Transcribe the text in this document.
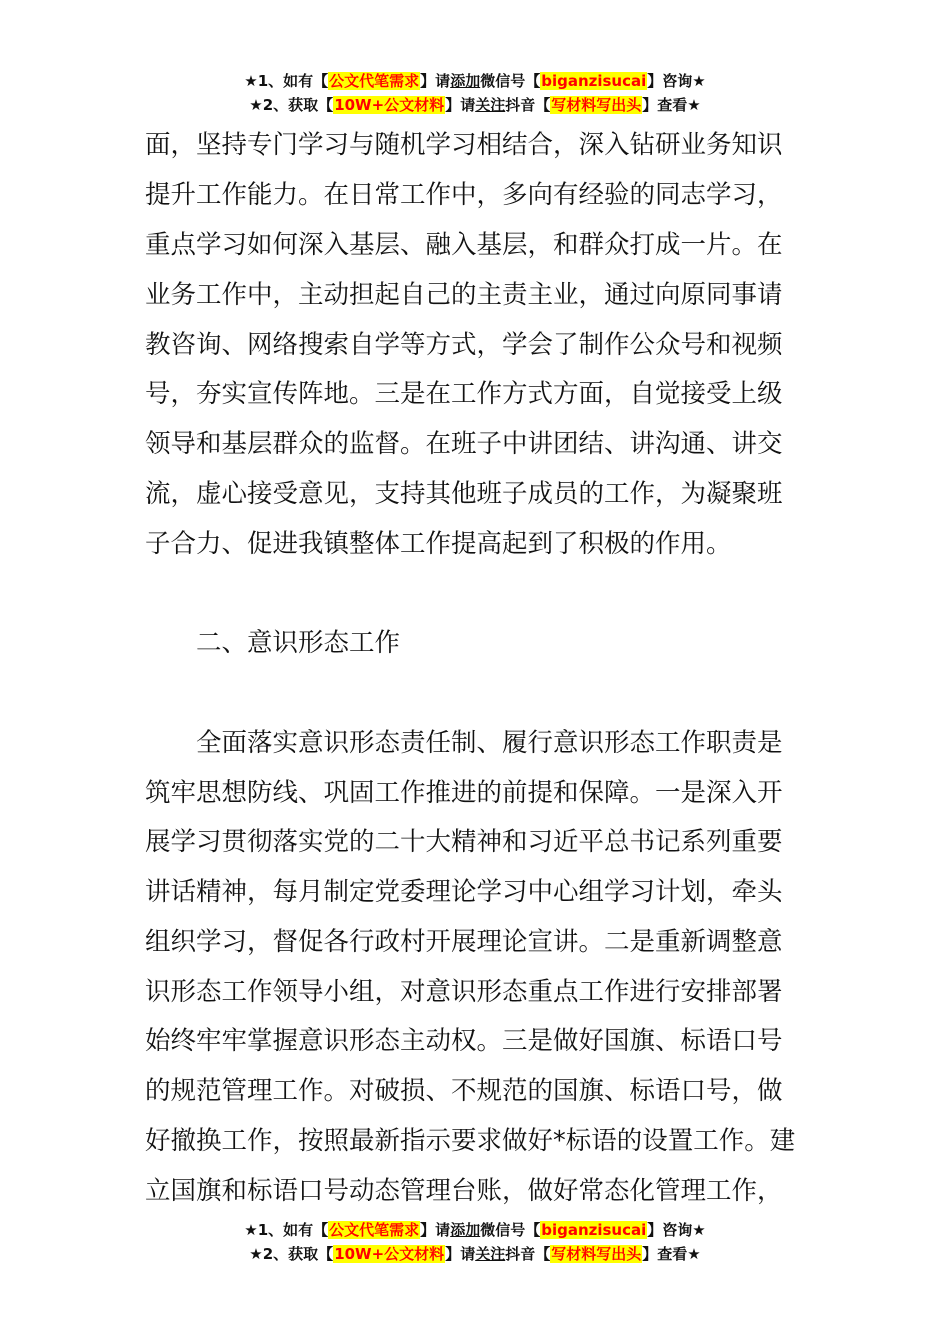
★1、如有【公文代笔需求】请添加微信号【biganzisucai】咨询★
★2、获取【10W+公文材料】请关注抖音【写材料写出头】查看★
面，坚持专门学习与随机学习相结合，深入钻研业务知识
提升工作能力。在日常工作中，多向有经验的同志学习，
重点学习如何深入基层、融入基层，和群众打成一片。在
业务工作中，主动担起自己的主责主业，通过向原同事请
教咨询、网络搜索自学等方式，学会了制作公众号和视频
号，夯实宣传阵地。三是在工作方式方面，自觉接受上级
领导和基层群众的监督。在班子中讲团结、讲沟通、讲交
流，虚心接受意见，支持其他班子成员的工作，为凝聚班
子合力、促进我镇整体工作提高起到了积极的作用。
二、意识形态工作
全面落实意识形态责任制、履行意识形态工作职责是
筑牢思想防线、巩固工作推进的前提和保障。一是深入开
展学习贯彻落实党的二十大精神和习近平总书记系列重要
讲话精神，每月制定党委理论学习中心组学习计划，牵头
组织学习，督促各行政村开展理论宣讲。二是重新调整意
识形态工作领导小组，对意识形态重点工作进行安排部署
始终牢牢掌握意识形态主动权。三是做好国旗、标语口号
的规范管理工作。对破损、不规范的国旗、标语口号，做
好撤换工作，按照最新指示要求做好*标语的设置工作。建
立国旗和标语口号动态管理台账，做好常态化管理工作，
★1、如有【公文代笔需求】请添加微信号【biganzisucai】咨询★
★2、获取【10W+公文材料】请关注抖音【写材料写出头】查看★
